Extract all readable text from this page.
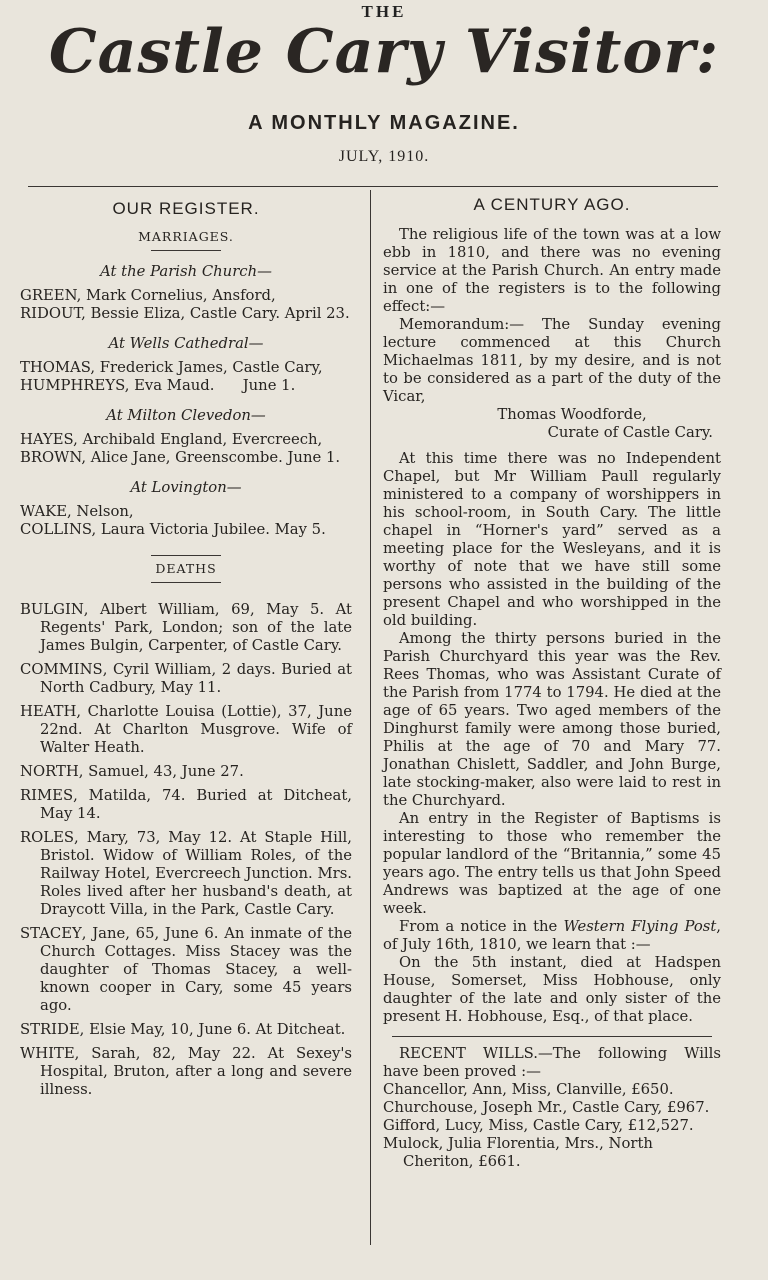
THE
Castle Cary Visitor:
A MONTHLY MAGAZINE.
JULY, 1910.
OUR REGISTER.
MARRIAGES.
At the Parish Church—
GREEN, Mark Cornelius, Ansford,
RIDOUT, Bessie Eliza, Castle Cary. April 23.
At Wells Cathedral—
THOMAS, Frederick James, Castle Cary,
HUMPHREYS, Eva Maud.      June 1.
At Milton Clevedon—
HAYES, Archibald England, Evercreech,
BROWN, Alice Jane, Greenscombe. June 1.
At Lovington—
WAKE, Nelson,
COLLINS, Laura Victoria Jubilee. May 5.
DEATHS
BULGIN, Albert William, 69, May 5. At Regents' Park, London; son of the late James Bulgin, Carpenter, of Castle Cary.
COMMINS, Cyril William, 2 days. Buried at North Cadbury, May 11.
HEATH, Charlotte Louisa (Lottie), 37, June 22nd. At Charlton Musgrove. Wife of Walter Heath.
NORTH, Samuel, 43, June 27.
RIMES, Matilda, 74. Buried at Ditcheat, May 14.
ROLES, Mary, 73, May 12. At Staple Hill, Bristol. Widow of William Roles, of the Railway Hotel, Evercreech Junction. Mrs. Roles lived after her husband's death, at Draycott Villa, in the Park, Castle Cary.
STACEY, Jane, 65, June 6. An inmate of the Church Cottages. Miss Stacey was the daughter of Thomas Stacey, a well-known cooper in Cary, some 45 years ago.
STRIDE, Elsie May, 10, June 6. At Ditcheat.
WHITE, Sarah, 82, May 22. At Sexey's Hospital, Bruton, after a long and severe illness.
A CENTURY AGO.

The religious life of the town was at a low ebb in 1810, and there was no evening service at the Parish Church. An entry made in one of the registers is to the following effect:—

Memorandum:— The Sunday evening lecture commenced at this Church Michaelmas 1811, by my desire, and is not to be considered as a part of the duty of the Vicar,

Thomas Woodforde,

Curate of Castle Cary.

At this time there was no Independent Chapel, but Mr William Paull regularly ministered to a company of worshippers in his school-room, in South Cary. The little chapel in “Horner's yard” served as a meeting place for the Wesleyans, and it is worthy of note that we have still some persons who assisted in the building of the present Chapel and who worshipped in the old building.

Among the thirty persons buried in the Parish Churchyard this year was the Rev. Rees Thomas, who was Assistant Curate of the Parish from 1774 to 1794. He died at the age of 65 years. Two aged members of the Dinghurst family were among those buried, Philis at the age of 70 and Mary 77. Jonathan Chislett, Saddler, and John Burge, late stocking-maker, also were laid to rest in the Churchyard.

An entry in the Register of Baptisms is interesting to those who remember the popular landlord of the “Britannia,” some 45 years ago. The entry tells us that John Speed Andrews was baptized at the age of one week.

From a notice in the Western Flying Post, of July 16th, 1810, we learn that :—

On the 5th instant, died at Hadspen House, Somerset, Miss Hobhouse, only daughter of the late and only sister of the present H. Hobhouse, Esq., of that place.

RECENT WILLS.—The following Wills have been proved :—

Chancellor, Ann, Miss, Clanville, £650.
Churchouse, Joseph Mr., Castle Cary, £967.
Gifford, Lucy, Miss, Castle Cary, £12,527.
Mulock, Julia Florentia, Mrs., North Cheriton, £661.
